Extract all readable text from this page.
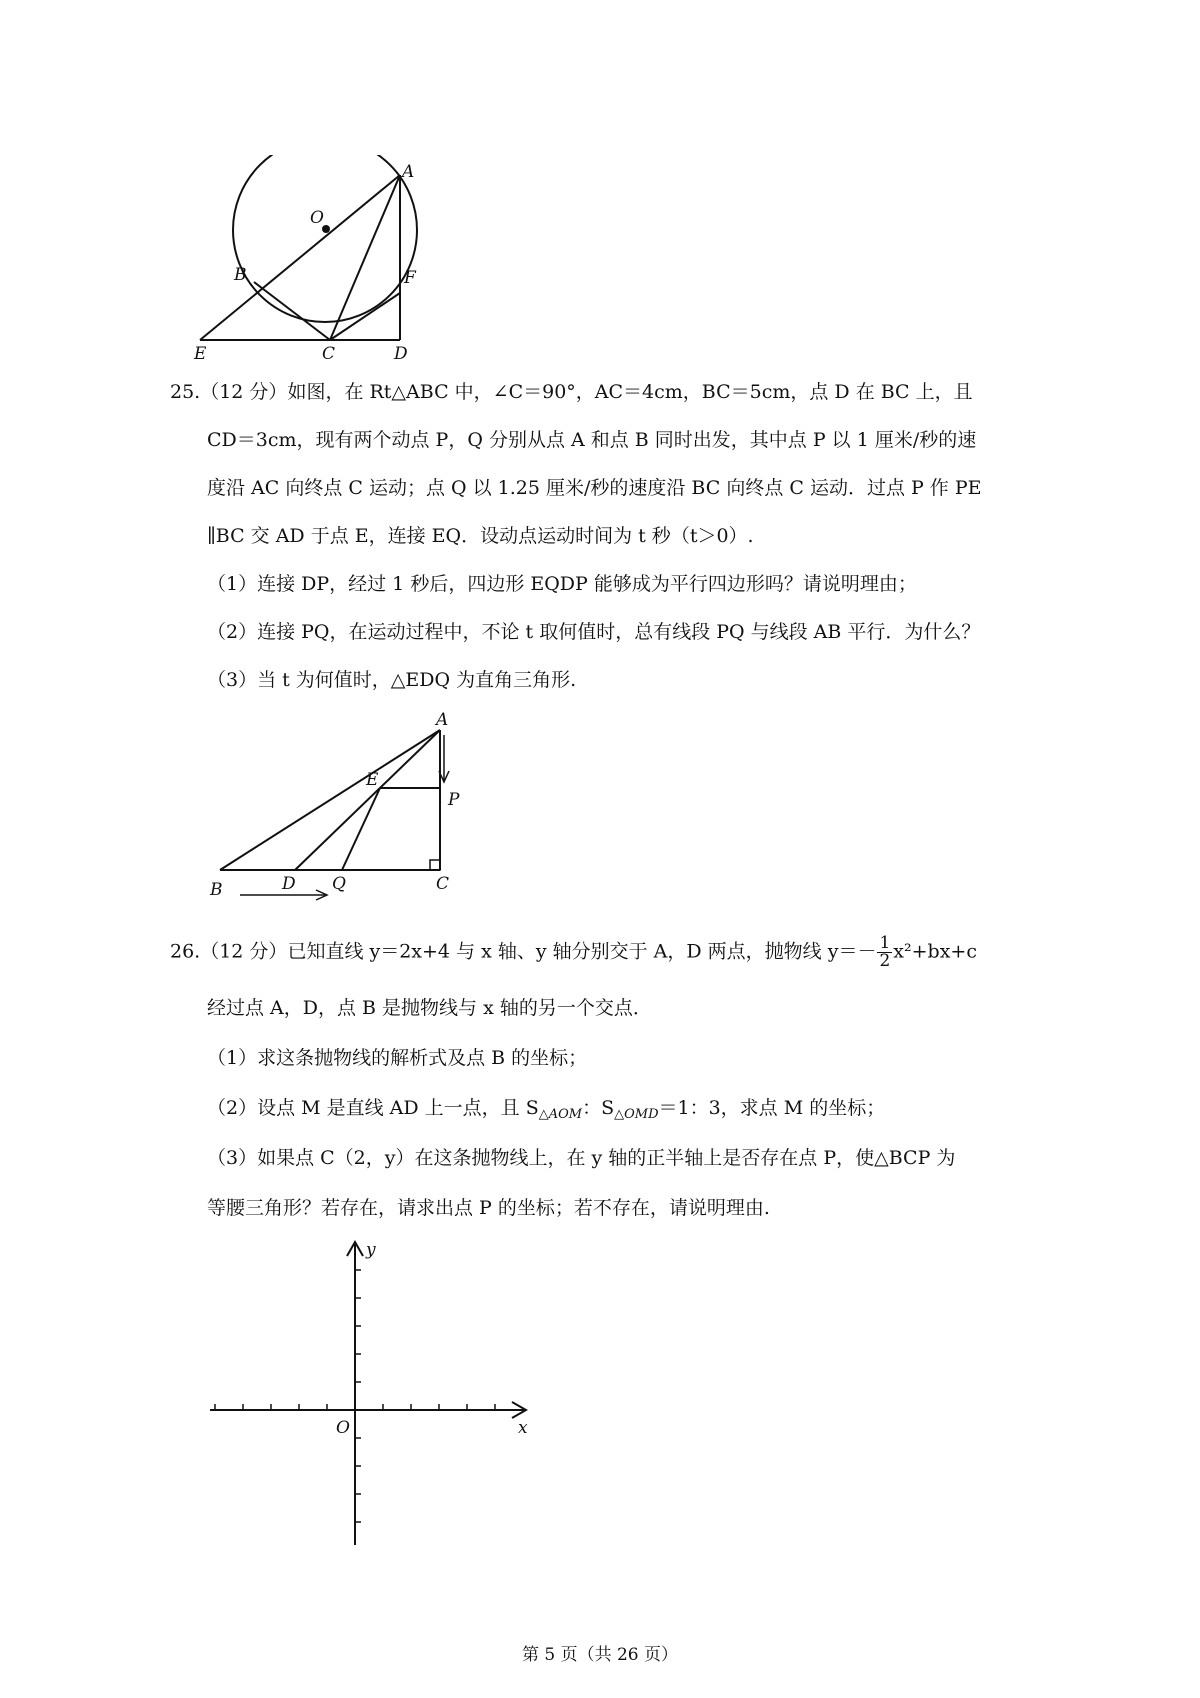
A
O
B	F
E	C	D
25.（12 分）如图，在 Rt△ABC 中，∠C＝90°，AC＝4cm，BC＝5cm，点 D 在 BC 上，且
CD＝3cm，现有两个动点 P，Q 分别从点 A 和点 B 同时出发，其中点 P 以 1 厘米/秒的速
度沿 AC 向终点 C 运动；点 Q 以 1.25 厘米/秒的速度沿 BC 向终点 C 运动．过点 P 作 PE
∥BC 交 AD 于点 E，连接 EQ．设动点运动时间为 t 秒（t＞0）.
（1）连接 DP，经过 1 秒后，四边形 EQDP 能够成为平行四边形吗？请说明理由；
（2）连接 PQ，在运动过程中，不论 t 取何值时，总有线段 PQ 与线段 AB 平行．为什么？
（3）当 t 为何值时，△EDQ 为直角三角形.
A
E
P
B	D Q	C
26.（12 分）已知直线 y＝2x+4 与 x 轴、y 轴分别交于 A，D 两点，抛物线 $y=- \frac{1}{2} x^2+bx+c$
经过点 A，D，点 B 是抛物线与 x 轴的另一个交点．
（1）求这条抛物线的解析式及点 B 的坐标；
（2）设点 M 是直线 AD 上一点，且 $S_{\triangle AOM}$：$S_{\triangle OMD}=1$：3，求点 M 的坐标；
（3）如果点 C（2，y）在这条抛物线上，在 y 轴的正半轴上是否存在点 P，使△BCP 为
等腰三角形？若存在，请求出点 P 的坐标；若不存在，请说明理由.
y
x
O
第 5 页（共 26 页）
